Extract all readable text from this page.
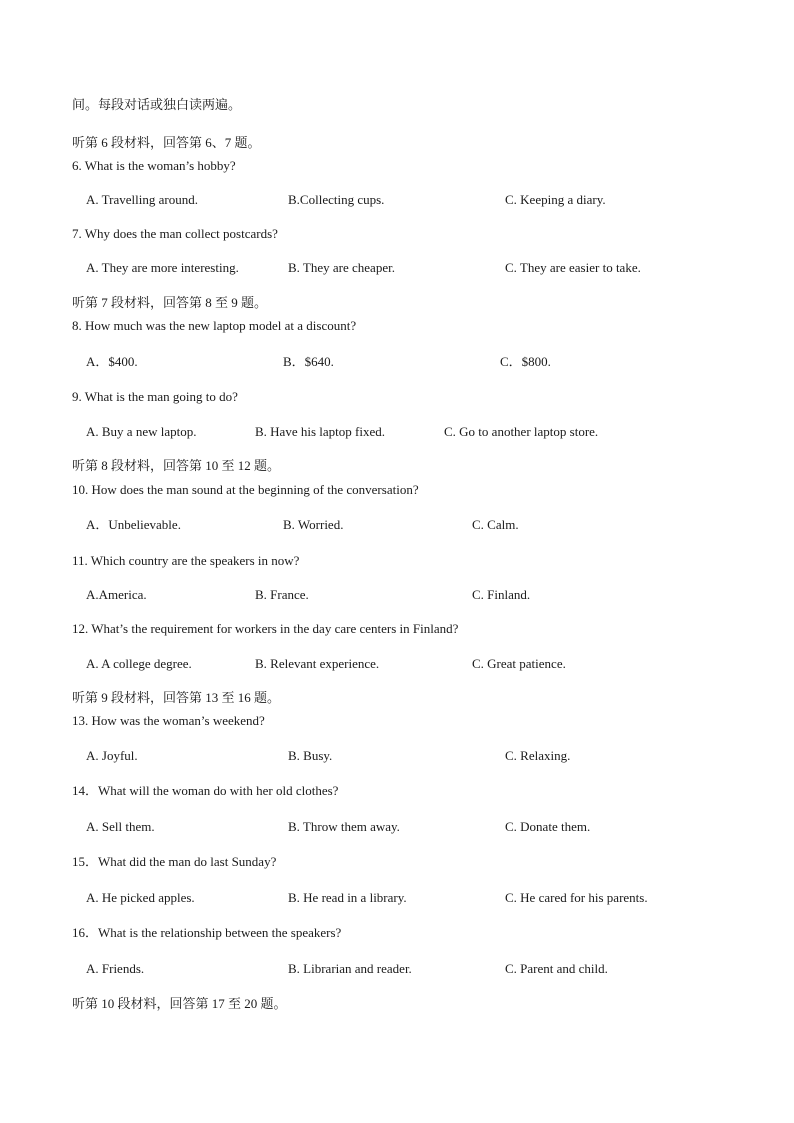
间。每段对话或独白读两遍。
听第 6 段材料，回答第 6、7 题。
6. What is the woman’s hobby?
A. Travelling around.	B.Collecting cups.	C. Keeping a diary.
7. Why does the man collect postcards?
A. They are more interesting.	B. They are cheaper.	C. They are easier to take.
听第 7 段材料，回答第 8 至 9 题。
8. How much was the new laptop model at a discount?
A．$400.	B．$640.	C．$800.
9. What is the man going to do?
A. Buy a new laptop.	B. Have his laptop fixed.	C. Go to another laptop store.
听第 8 段材料，回答第 10 至 12 题。
10. How does the man sound at the beginning of the conversation?
A．Unbelievable.	B. Worried.	C. Calm.
11. Which country are the speakers in now?
A.America.	B. France.	C. Finland.
12. What’s the requirement for workers in the day care centers in Finland?
A. A college degree.	B. Relevant experience.	C. Great patience.
听第 9 段材料，回答第 13 至 16 题。
13. How was the woman’s weekend?
A. Joyful.	B. Busy.	C. Relaxing.
14．What will the woman do with her old clothes?
A. Sell them.	B. Throw them away.	C. Donate them.
15．What did the man do last Sunday?
A. He picked apples.	B. He read in a library.	C. He cared for his parents.
16．What is the relationship between the speakers?
A. Friends.	B. Librarian and reader.	C. Parent and child.
听第 10 段材料，回答第 17 至 20 题。
